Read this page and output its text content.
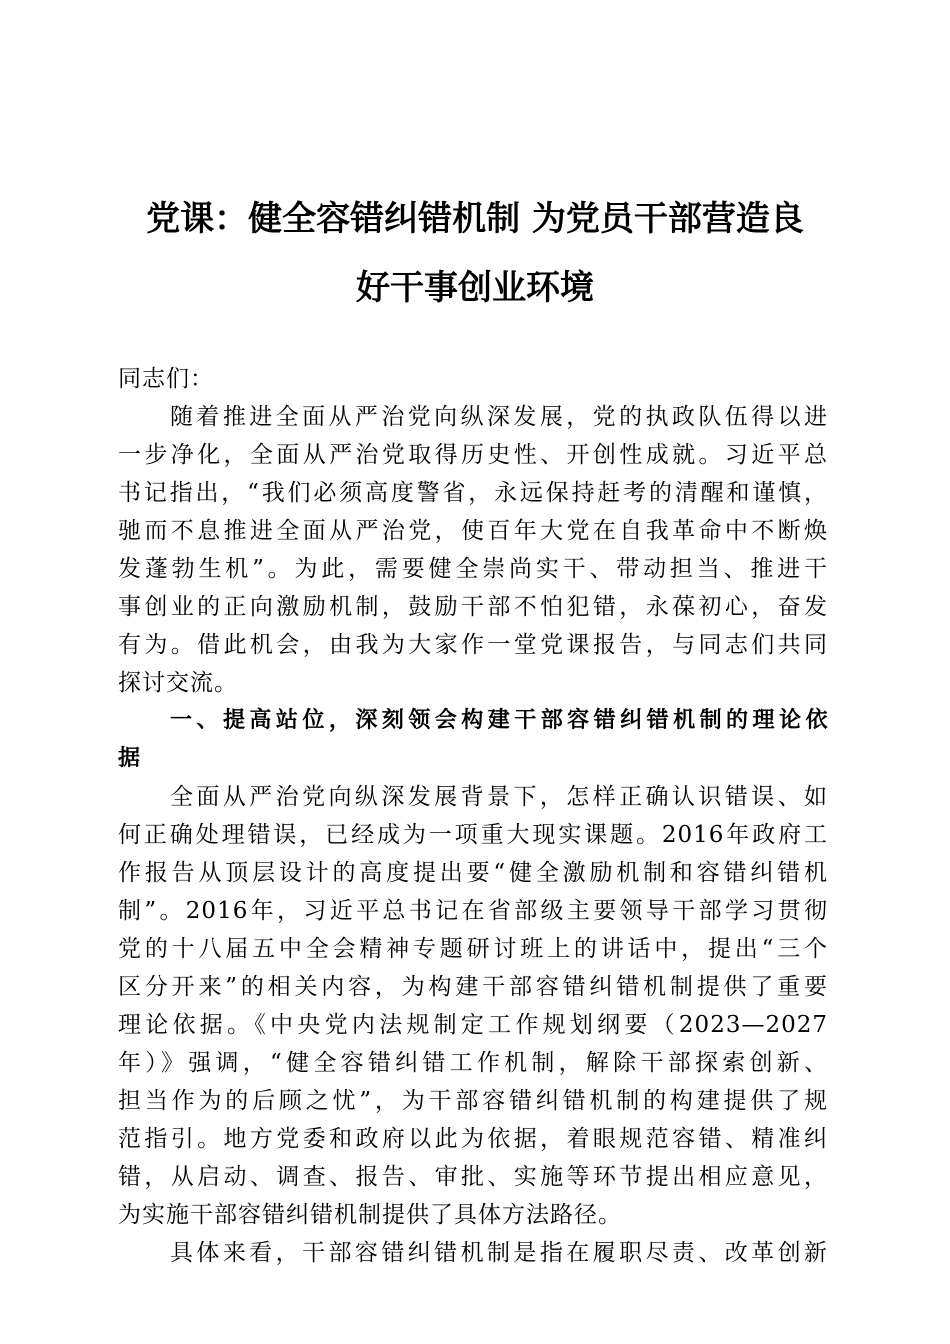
党课：健全容错纠错机制 为党员干部营造良
好干事创业环境
同志们：
随着推进全面从严治党向纵深发展，党的执政队伍得以进
一步净化，全面从严治党取得历史性、开创性成就。习近平总
书记指出，“我们必须高度警省，永远保持赶考的清醒和谨慎，
驰而不息推进全面从严治党，使百年大党在自我革命中不断焕
发蓬勃生机”。为此，需要健全崇尚实干、带动担当、推进干
事创业的正向激励机制，鼓励干部不怕犯错，永葆初心，奋发
有为。借此机会，由我为大家作一堂党课报告，与同志们共同
探讨交流。
一、提高站位，深刻领会构建干部容错纠错机制的理论依
据
全面从严治党向纵深发展背景下，怎样正确认识错误、如
何正确处理错误，已经成为一项重大现实课题。2016年政府工
作报告从顶层设计的高度提出要“健全激励机制和容错纠错机
制”。2016年，习近平总书记在省部级主要领导干部学习贯彻
党的十八届五中全会精神专题研讨班上的讲话中，提出“三个
区分开来”的相关内容，为构建干部容错纠错机制提供了重要
理论依据。《中央党内法规制定工作规划纲要（2023—2027
年）》强调，“健全容错纠错工作机制，解除干部探索创新、
担当作为的后顾之忧”，为干部容错纠错机制的构建提供了规
范指引。地方党委和政府以此为依据，着眼规范容错、精准纠
错，从启动、调查、报告、审批、实施等环节提出相应意见，
为实施干部容错纠错机制提供了具体方法路径。
具体来看，干部容错纠错机制是指在履职尽责、改革创新
